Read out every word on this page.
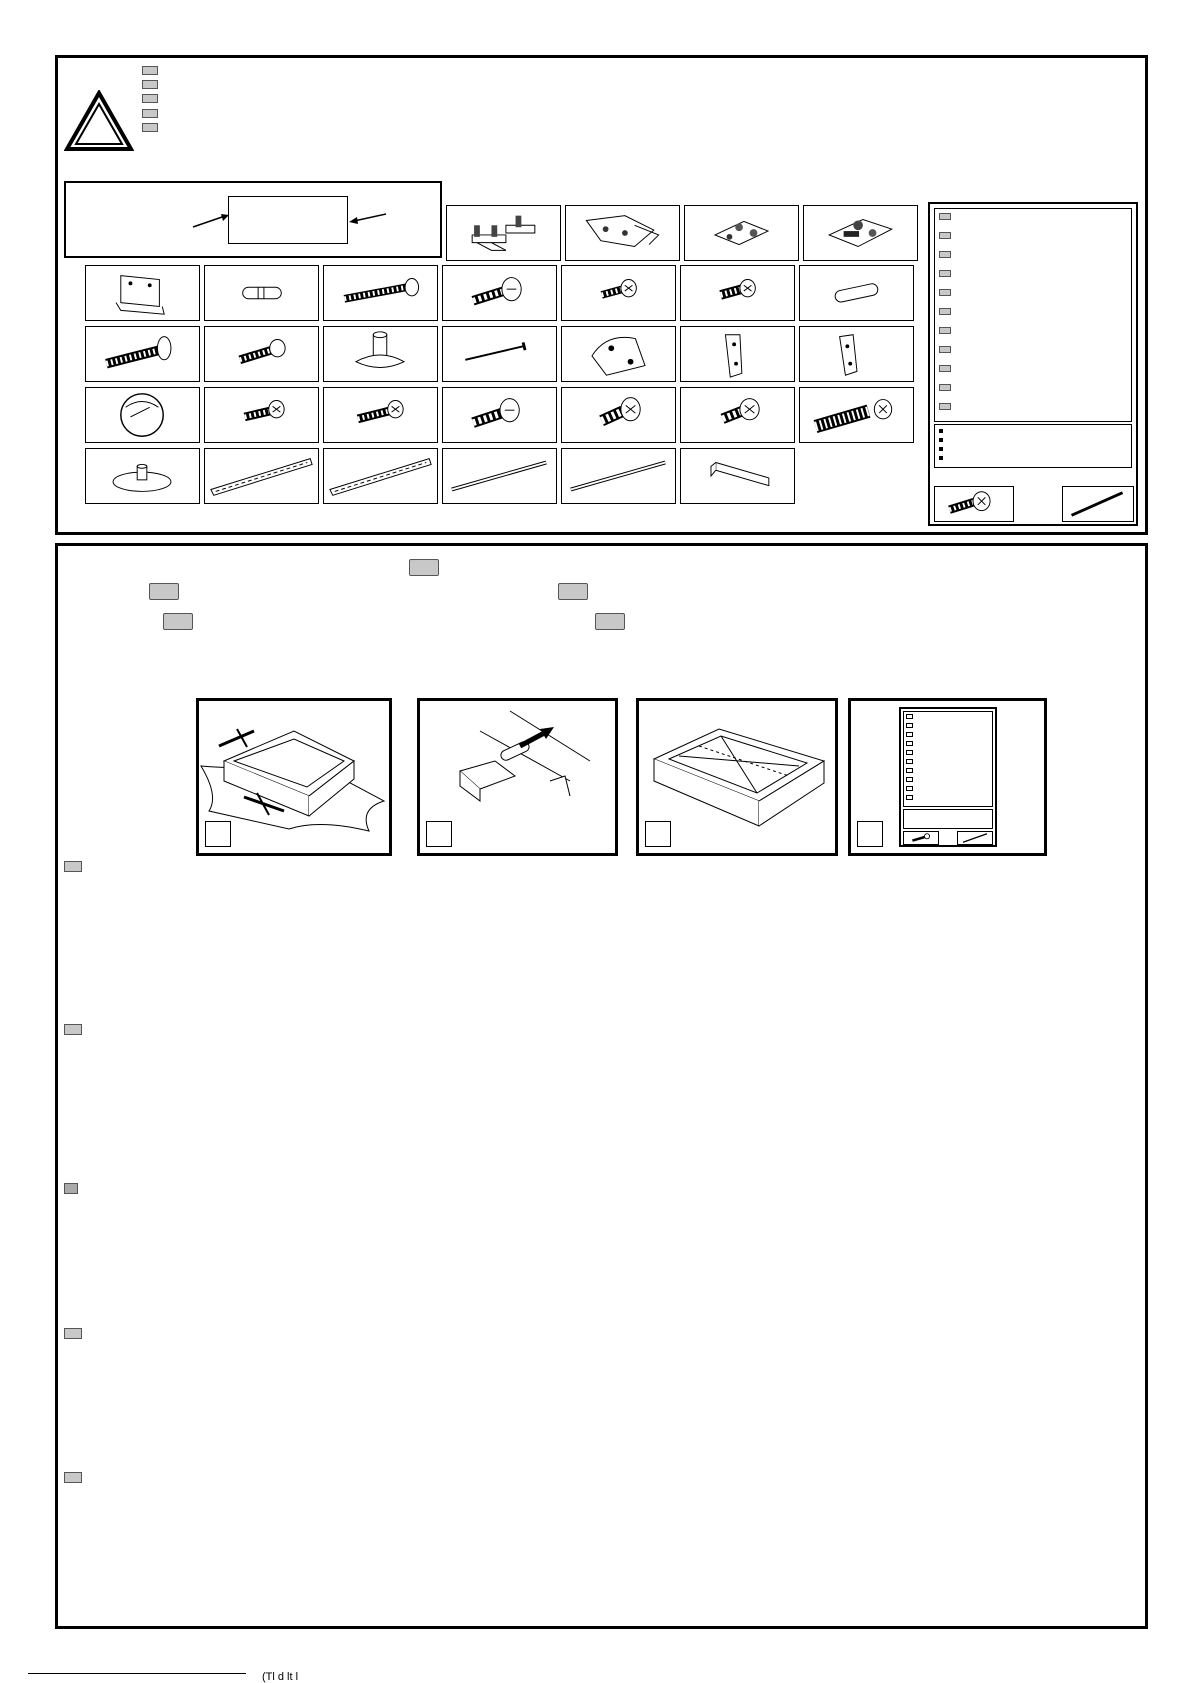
(Tl d lt l
